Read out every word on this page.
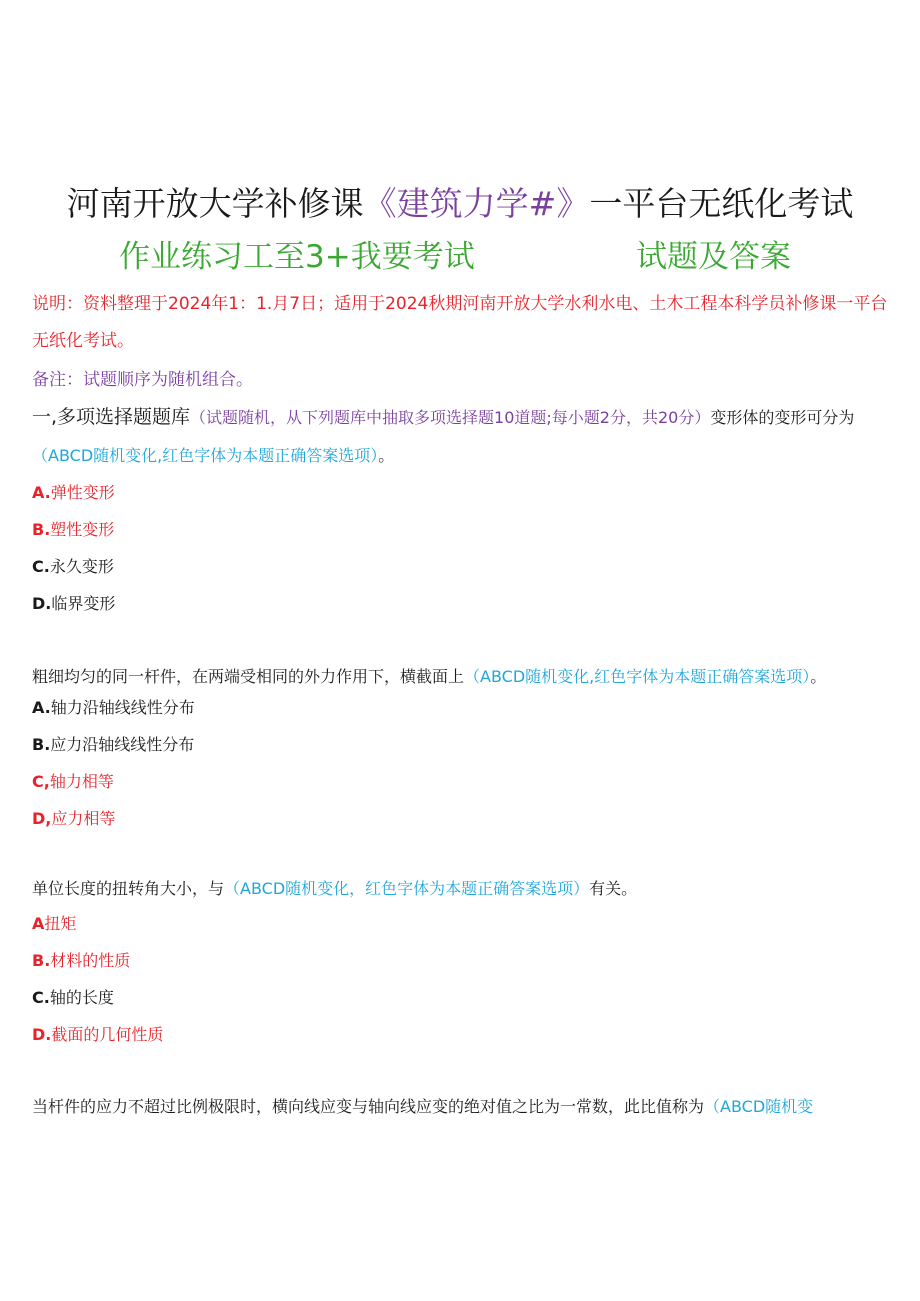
河南开放大学补修课《建筑力学#》一平台无纸化考试
作业练习工至3+我要考试	试题及答案
说明：资料整理于2024年1：1.月7日；适用于2024秋期河南开放大学水利水电、土木工程本科学员补修课一平台无纸化考试。
备注：试题顺序为随机组合。
一,多项选择题题库（试题随机，从下列题库中抽取多项选择题10道题;每小题2分，共20分）变形体的变形可分为（ABCD随机变化,红色字体为本题正确答案选项）。
A.弹性变形
B.塑性变形
C.永久变形
D.临界变形
粗细均匀的同一杆件，在两端受相同的外力作用下，横截面上（ABCD随机变化,红色字体为本题正确答案选项）。
A.轴力沿轴线线性分布
B.应力沿轴线线性分布
C,轴力相等
D,应力相等
单位长度的扭转角大小，与（ABCD随机变化，红色字体为本题正确答案选项）有关。
A扭矩
B.材料的性质
C.轴的长度
D.截面的几何性质
当杆件的应力不超过比例极限时，横向线应变与轴向线应变的绝对值之比为一常数，此比值称为（ABCD随机变
